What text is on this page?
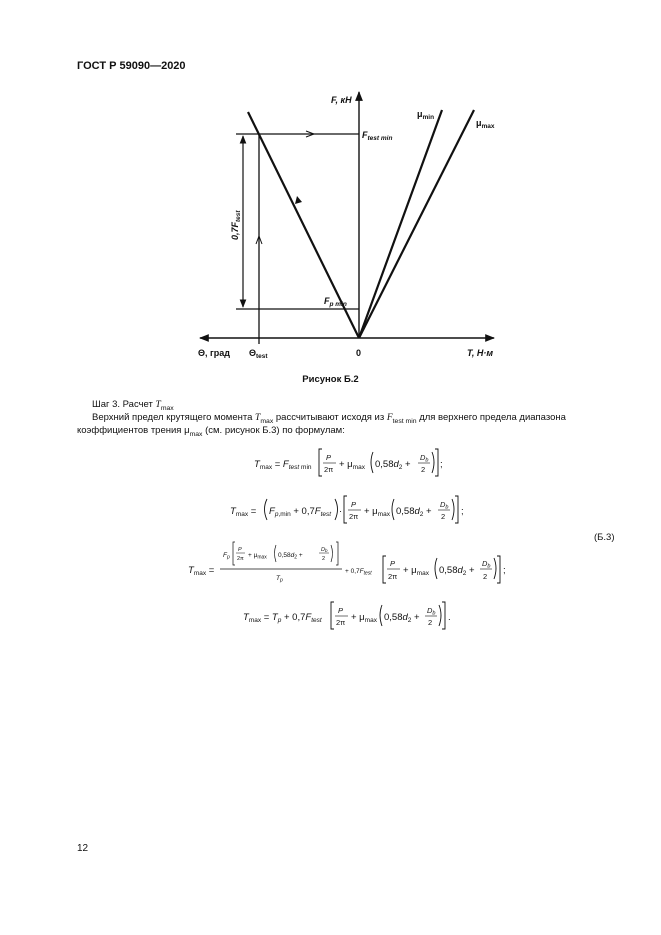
ГОСТ Р 59090—2020
F, кН
$\mu_{min}$
$\mu_{max}$
$F_{test min}$
$F_{p min}$
$0,7F_{test}$
Θ, град $\Theta_{test}$	0	T, Н·м
Рисунок Б.2
Шаг 3. Расчет $T_{max}$
Верхний предел крутящего момента $T_{max}$ рассчитывают исходя из $F_{test min}$ для верхнего предела диапазона
коэффициентов трения $\mu_{max}$ (см. рисунок Б.3) по формулам:
$T_{max} = F_{test}$ min
P
$2\pi + \mu_{max}$ $0,58d_2$ +
$D_b$
2 ;
$T_{max} = F_p,\min + 0,7F_{test}$ ·
P
$2\pi + \mu_{max}$ $0,58d_2$ +
$D_b$
2 ;
$T_{max}$ =
$F_p$
P
$2\pi + \mu_{max}$ $0,58d_2$ +
Db
2
$T_p$
+ $0,7F_{test}$
P
2π
+ $\mu_{max}$ $0,58d_2$ +
$D_b$
2
;
$T_{max} = T_p + 0,7F_{test}$
P
$2\pi + \mu_{max}$ $0,58d_2$ +
$D_b$
2 .
(Б.3)
12
